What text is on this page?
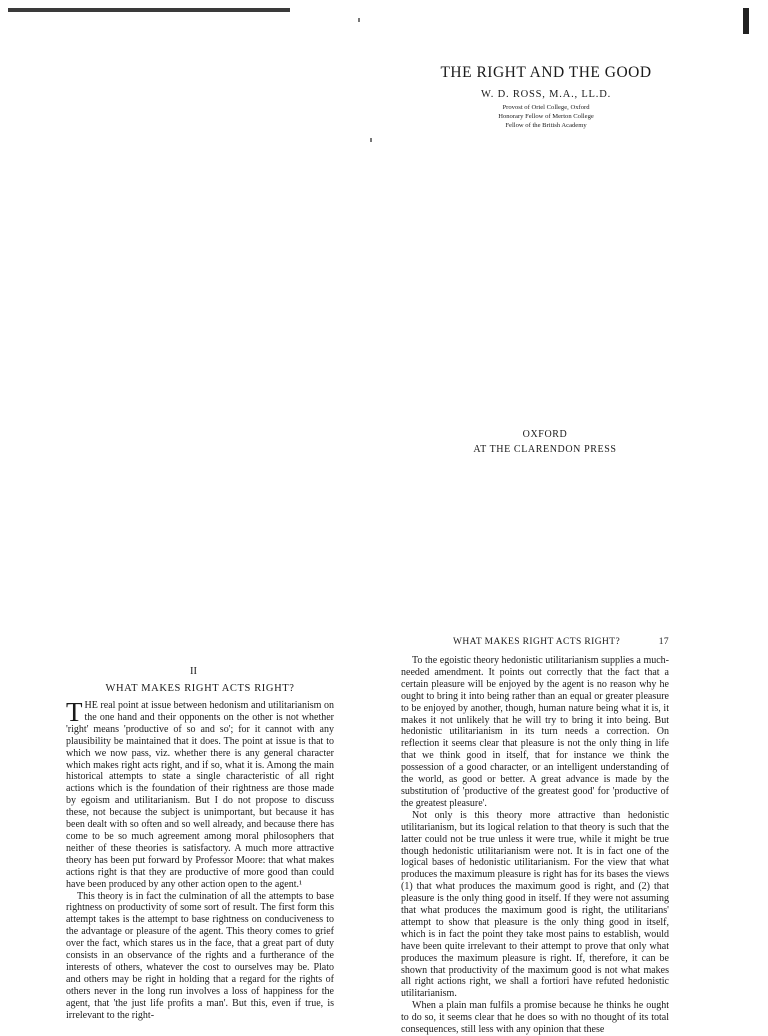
THE RIGHT AND THE GOOD
W. D. ROSS, M.A., LL.D.
Provost of Oriel College, Oxford
Honorary Fellow of Merton College
Fellow of the British Academy
OXFORD
AT THE CLARENDON PRESS
II
WHAT MAKES RIGHT ACTS RIGHT?

THE real point at issue between hedonism and utilitarianism on the one hand and their opponents on the other is not whether 'right' means 'productive of so and so'; for it cannot with any plausibility be maintained that it does. The point at issue is that to which we now pass, viz. whether there is any general character which makes right acts right, and if so, what it is. Among the main historical attempts to state a single characteristic of all right actions which is the foundation of their rightness are those made by egoism and utilitarianism. But I do not propose to discuss these, not because the subject is unimportant, but because it has been dealt with so often and so well already, and because there has come to be so much agreement among moral philosophers that neither of these theories is satisfactory. A much more attractive theory has been put forward by Professor Moore: that what makes actions right is that they are productive of more good than could have been produced by any other action open to the agent.¹

This theory is in fact the culmination of all the attempts to base rightness on productivity of some sort of result. The first form this attempt takes is the attempt to base rightness on conduciveness to the advantage or pleasure of the agent. This theory comes to grief over the fact, which stares us in the face, that a great part of duty consists in an observance of the rights and a furtherance of the interests of others, whatever the cost to ourselves may be. Plato and others may be right in holding that a regard for the rights of others never in the long run involves a loss of happiness for the agent, that 'the just life profits a man'. But this, even if true, is irrelevant to the right-

WHAT MAKES RIGHT ACTS RIGHT?	17

To the egoistic theory hedonistic utilitarianism supplies a much-needed amendment. It points out correctly that the fact that a certain pleasure will be enjoyed by the agent is no reason why he ought to bring it into being rather than an equal or greater pleasure to be enjoyed by another, though, human nature being what it is, it makes it not unlikely that he will try to bring it into being. But hedonistic utilitarianism in its turn needs a correction. On reflection it seems clear that pleasure is not the only thing in life that we think good in itself, that for instance we think the possession of a good character, or an intelligent understanding of the world, as good or better. A great advance is made by the substitution of 'productive of the greatest good' for 'productive of the greatest pleasure'.

Not only is this theory more attractive than hedonistic utilitarianism, but its logical relation to that theory is such that the latter could not be true unless it were true, while it might be true though hedonistic utilitarianism were not. It is in fact one of the logical bases of hedonistic utilitarianism. For the view that what produces the maximum pleasure is right has for its bases the views (1) that what produces the maximum good is right, and (2) that pleasure is the only thing good in itself. If they were not assuming that what produces the maximum good is right, the utilitarians' attempt to show that pleasure is the only thing good in itself, which is in fact the point they take most pains to establish, would have been quite irrelevant to their attempt to prove that only what produces the maximum pleasure is right. If, therefore, it can be shown that productivity of the maximum good is not what makes all right actions right, we shall a fortiori have refuted hedonistic utilitarianism.

When a plain man fulfils a promise because he thinks he ought to do so, it seems clear that he does so with no thought of its total consequences, still less with any opinion that these
